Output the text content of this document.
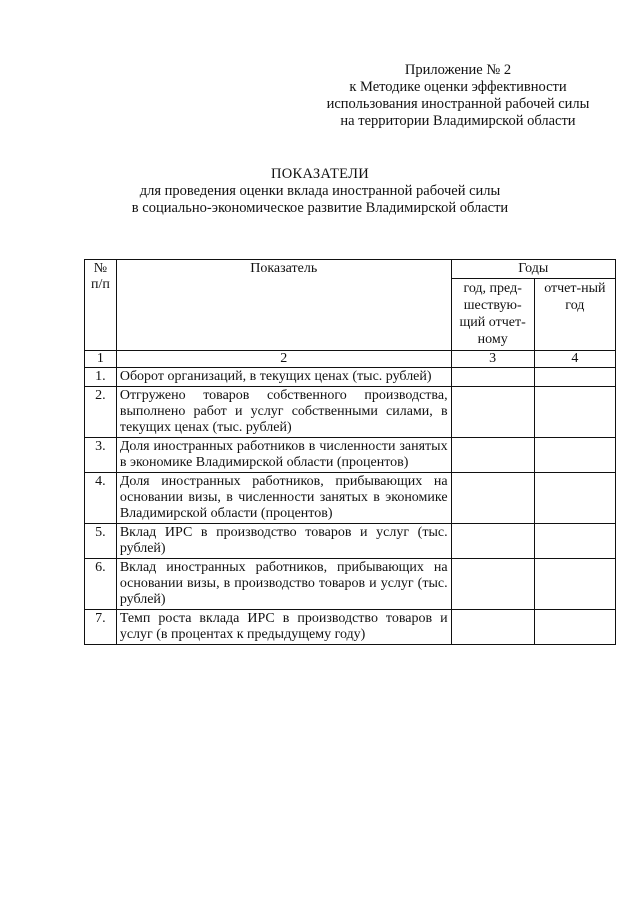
Приложение № 2
к Методике оценки эффективности
использования иностранной рабочей силы
на территории Владимирской области
ПОКАЗАТЕЛИ
для проведения оценки вклада иностранной рабочей силы
в социально-экономическое развитие Владимирской области
№ п/п	Показатель	Годы	
		год, пред-шествую-щий отчет-ному	отчет-ный год
1	2	3	4
1.	Оборот организаций, в текущих ценах (тыс. рублей)		
2.	Отгружено товаров собственного производства, выполнено работ и услуг собственными силами, в текущих ценах (тыс. рублей)		
3.	Доля иностранных работников в численности занятых в экономике Владимирской области (процентов)		
4.	Доля иностранных работников, прибывающих на основании визы, в численности занятых в экономике Владимирской области (процентов)		
5.	Вклад ИРС в производство товаров и услуг (тыс. рублей)		
6.	Вклад иностранных работников, прибывающих на основании визы, в производство товаров и услуг (тыс. рублей)		
7.	Темп роста вклада ИРС в производство товаров и услуг (в процентах к предыдущему году)		
